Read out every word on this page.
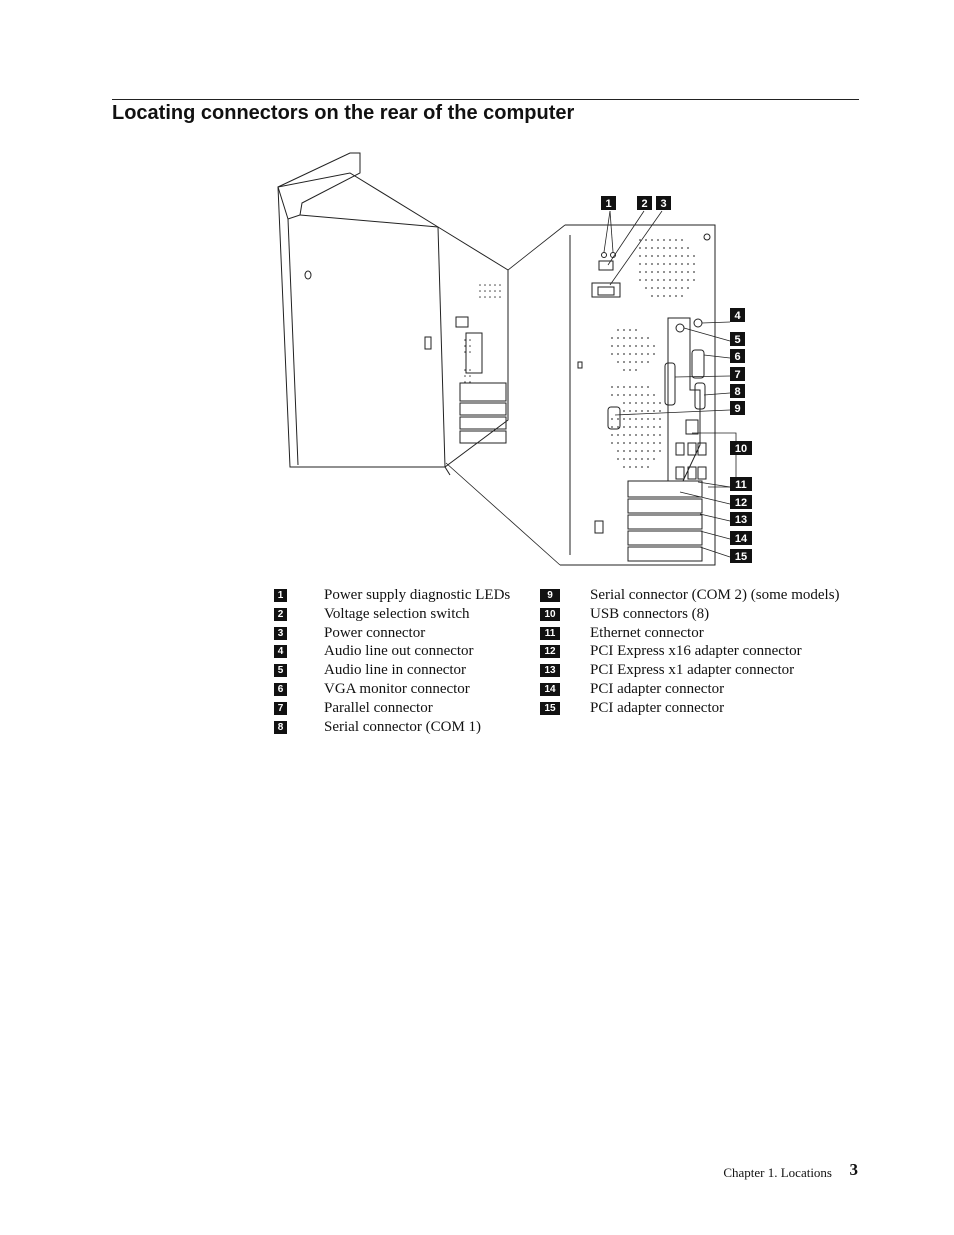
Locating connectors on the rear of the computer
1	2 3
4
5
6
7
8
9
10
11
12
13
14
15
1	Power supply diagnostic LEDs
2	Voltage selection switch
3	Power connector
4	Audio line out connector
5	Audio line in connector
6	VGA monitor connector
7	Parallel connector
8	Serial connector (COM 1)
9	Serial connector (COM 2) (some models)
10 USB connectors (8)
11	Ethernet connector
12 PCI Express x16 adapter connector
13 PCI Express x1 adapter connector
14 PCI adapter connector
15 PCI adapter connector
Chapter 1. Locations 3
